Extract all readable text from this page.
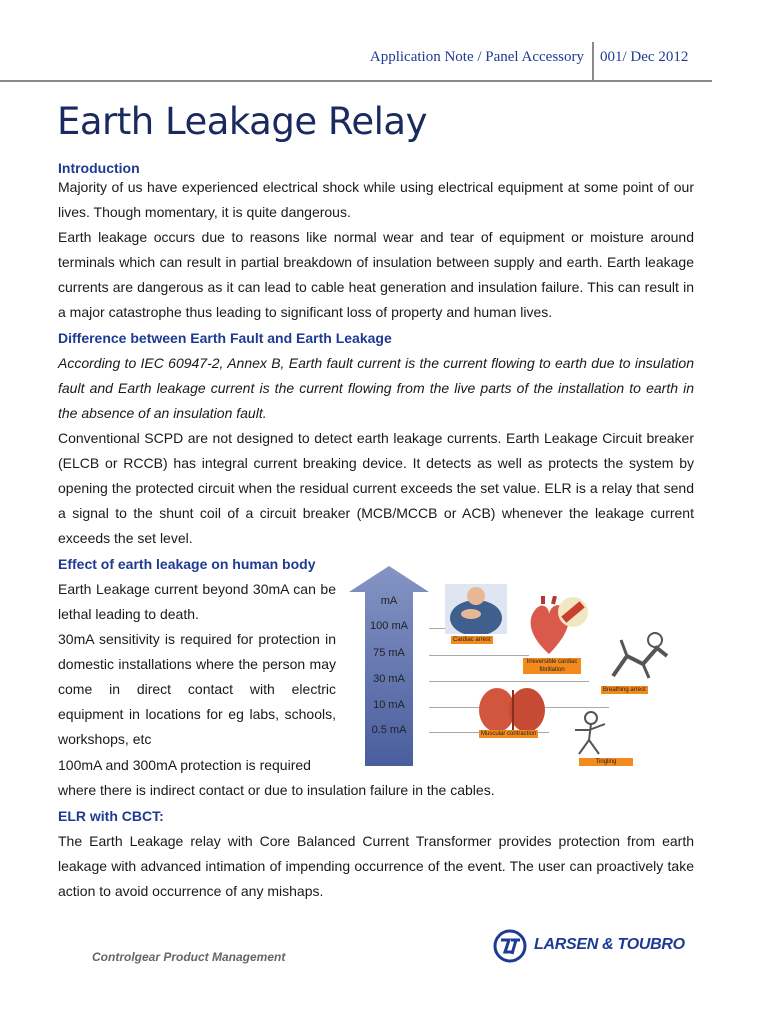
Application Note / Panel Accessory 001/ Dec 2012
Earth Leakage Relay
Introduction

Majority of us have experienced electrical shock while using electrical equipment at some point of our lives. Though momentary, it is quite dangerous.

Earth leakage occurs due to reasons like normal wear and tear of equipment or moisture around terminals which can result in partial breakdown of insulation between supply and earth. Earth leakage currents are dangerous as it can lead to cable heat generation and insulation failure. This can result in a major catastrophe thus leading to significant loss of property and human lives.

Difference between Earth Fault and Earth Leakage

According to IEC 60947-2, Annex B, Earth fault current is the current flowing to earth due to insulation fault and Earth leakage current is the current flowing from the live parts of the installation to earth in the absence of an insulation fault.

Conventional SCPD are not designed to detect earth leakage currents. Earth Leakage Circuit breaker (ELCB or RCCB) has integral current breaking device. It detects as well as protects the system by opening the protected circuit when the residual current exceeds the set value. ELR is a relay that send a signal to the shunt coil of a circuit breaker (MCB/MCCB or ACB) whenever the leakage current exceeds the set level.

Effect of earth leakage on human body

Earth Leakage current beyond 30mA can be lethal leading to death.

30mA sensitivity is required for protection in domestic installations where the person may come in direct contact with electric equipment in locations for eg labs, schools, workshops, etc

100mA and 300mA protection is required

where there is indirect contact or due to insulation failure in the cables.

mA
100 mA
75 mA
30 mA
10 mA
0.5 mA
Cardiac arrest
Irreversible cardiac fibrillation
Breathing arrest
Muscular contraction
Tingling
ELR with CBCT:

The Earth Leakage relay with Core Balanced Current Transformer provides protection from earth leakage with advanced intimation of impending occurrence of the event. The user can proactively take action to avoid occurrence of any mishaps.

Controlgear Product Management
LARSEN & TOUBRO
